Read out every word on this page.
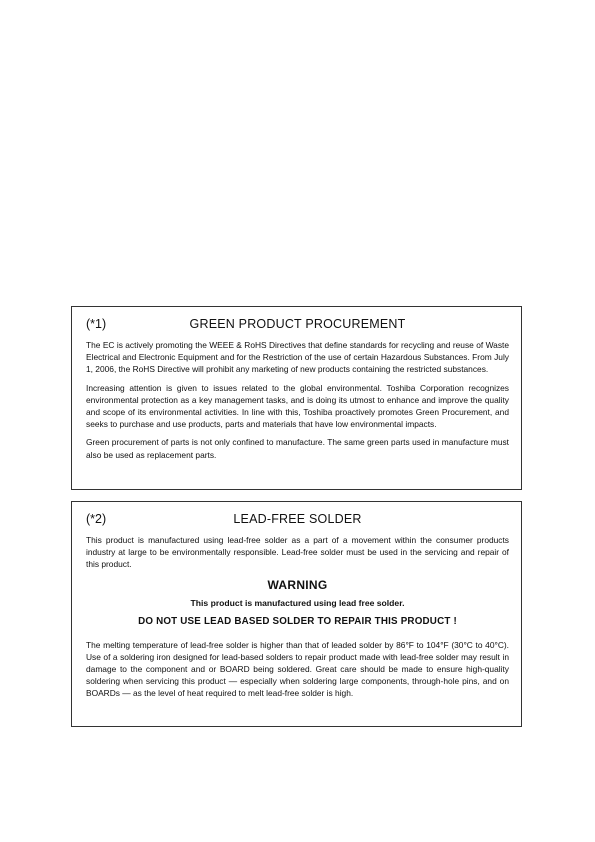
(*1)	GREEN PRODUCT PROCUREMENT

The EC is actively promoting the WEEE & RoHS Directives that define standards for recycling and reuse of Waste Electrical and Electronic Equipment and for the Restriction of the use of certain Hazardous Substances. From July 1, 2006, the RoHS Directive will prohibit any marketing of new products containing the restricted substances.

Increasing attention is given to issues related to the global environmental. Toshiba Corporation recognizes environmental protection as a key management tasks, and is doing its utmost to enhance and improve the quality and scope of its environmental activities. In line with this, Toshiba proactively promotes Green Procurement, and seeks to purchase and use products, parts and materials that have low environmental impacts.

Green procurement of parts is not only confined to manufacture. The same green parts used in manufacture must also be used as replacement parts.

(*2)	LEAD-FREE SOLDER

This product is manufactured using lead-free solder as a part of a movement within the consumer products industry at large to be environmentally responsible. Lead-free solder must be used in the servicing and repair of this product.

WARNING
This product is manufactured using lead free solder.
DO NOT USE LEAD BASED SOLDER TO REPAIR THIS PRODUCT !

The melting temperature of lead-free solder is higher than that of leaded solder by 86°F to 104°F (30°C to 40°C). Use of a soldering iron designed for lead-based solders to repair product made with lead-free solder may result in damage to the component and or BOARD being soldered. Great care should be made to ensure high-quality soldering when servicing this product — especially when soldering large components, through-hole pins, and on BOARDs — as the level of heat required to melt lead-free solder is high.
